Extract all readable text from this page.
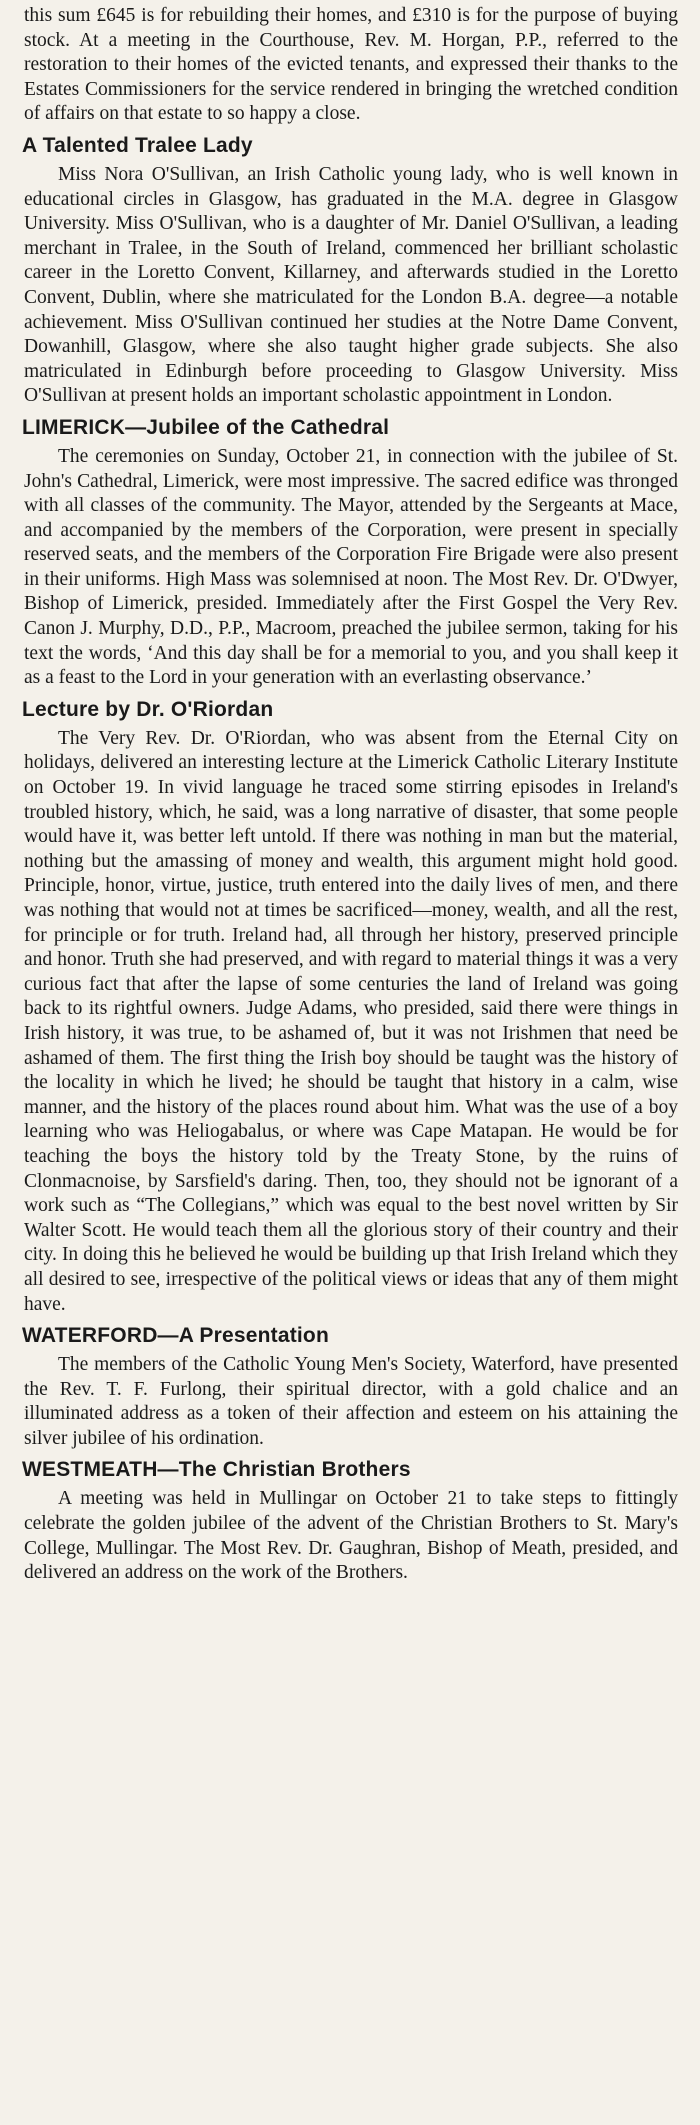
this sum £645 is for rebuilding their homes, and £310 is for the purpose of buying stock. At a meeting in the Courthouse, Rev. M. Horgan, P.P., referred to the restoration to their homes of the evicted tenants, and expressed their thanks to the Estates Commissioners for the service rendered in bringing the wretched condition of affairs on that estate to so happy a close.

A Talented Tralee Lady

Miss Nora O'Sullivan, an Irish Catholic young lady, who is well known in educational circles in Glasgow, has graduated in the M.A. degree in Glasgow University. Miss O'Sullivan, who is a daughter of Mr. Daniel O'Sullivan, a leading merchant in Tralee, in the South of Ireland, commenced her brilliant scholastic career in the Loretto Convent, Killarney, and afterwards studied in the Loretto Convent, Dublin, where she matriculated for the London B.A. degree—a notable achievement. Miss O'Sullivan continued her studies at the Notre Dame Convent, Dowanhill, Glasgow, where she also taught higher grade subjects. She also matriculated in Edinburgh before proceeding to Glasgow University. Miss O'Sullivan at present holds an important scholastic appointment in London.

LIMERICK—Jubilee of the Cathedral

The ceremonies on Sunday, October 21, in connection with the jubilee of St. John's Cathedral, Limerick, were most impressive. The sacred edifice was thronged with all classes of the community. The Mayor, attended by the Sergeants at Mace, and accompanied by the members of the Corporation, were present in specially reserved seats, and the members of the Corporation Fire Brigade were also present in their uniforms. High Mass was solemnised at noon. The Most Rev. Dr. O'Dwyer, Bishop of Limerick, presided. Immediately after the First Gospel the Very Rev. Canon J. Murphy, D.D., P.P., Macroom, preached the jubilee sermon, taking for his text the words, ‘And this day shall be for a memorial to you, and you shall keep it as a feast to the Lord in your generation with an everlasting observance.’

Lecture by Dr. O'Riordan

The Very Rev. Dr. O'Riordan, who was absent from the Eternal City on holidays, delivered an interesting lecture at the Limerick Catholic Literary Institute on October 19. In vivid language he traced some stirring episodes in Ireland's troubled history, which, he said, was a long narrative of disaster, that some people would have it, was better left untold. If there was nothing in man but the material, nothing but the amassing of money and wealth, this argument might hold good. Principle, honor, virtue, justice, truth entered into the daily lives of men, and there was nothing that would not at times be sacrificed—money, wealth, and all the rest, for principle or for truth. Ireland had, all through her history, preserved principle and honor. Truth she had preserved, and with regard to material things it was a very curious fact that after the lapse of some centuries the land of Ireland was going back to its rightful owners. Judge Adams, who presided, said there were things in Irish history, it was true, to be ashamed of, but it was not Irishmen that need be ashamed of them. The first thing the Irish boy should be taught was the history of the locality in which he lived; he should be taught that history in a calm, wise manner, and the history of the places round about him. What was the use of a boy learning who was Heliogabalus, or where was Cape Matapan. He would be for teaching the boys the history told by the Treaty Stone, by the ruins of Clonmacnoise, by Sarsfield's daring. Then, too, they should not be ignorant of a work such as “The Collegians,” which was equal to the best novel written by Sir Walter Scott. He would teach them all the glorious story of their country and their city. In doing this he believed he would be building up that Irish Ireland which they all desired to see, irrespective of the political views or ideas that any of them might have.

WATERFORD—A Presentation

The members of the Catholic Young Men's Society, Waterford, have presented the Rev. T. F. Furlong, their spiritual director, with a gold chalice and an illuminated address as a token of their affection and esteem on his attaining the silver jubilee of his ordination.

WESTMEATH—The Christian Brothers

A meeting was held in Mullingar on October 21 to take steps to fittingly celebrate the golden jubilee of the advent of the Christian Brothers to St. Mary's College, Mullingar. The Most Rev. Dr. Gaughran, Bishop of Meath, presided, and delivered an address on the work of the Brothers.
